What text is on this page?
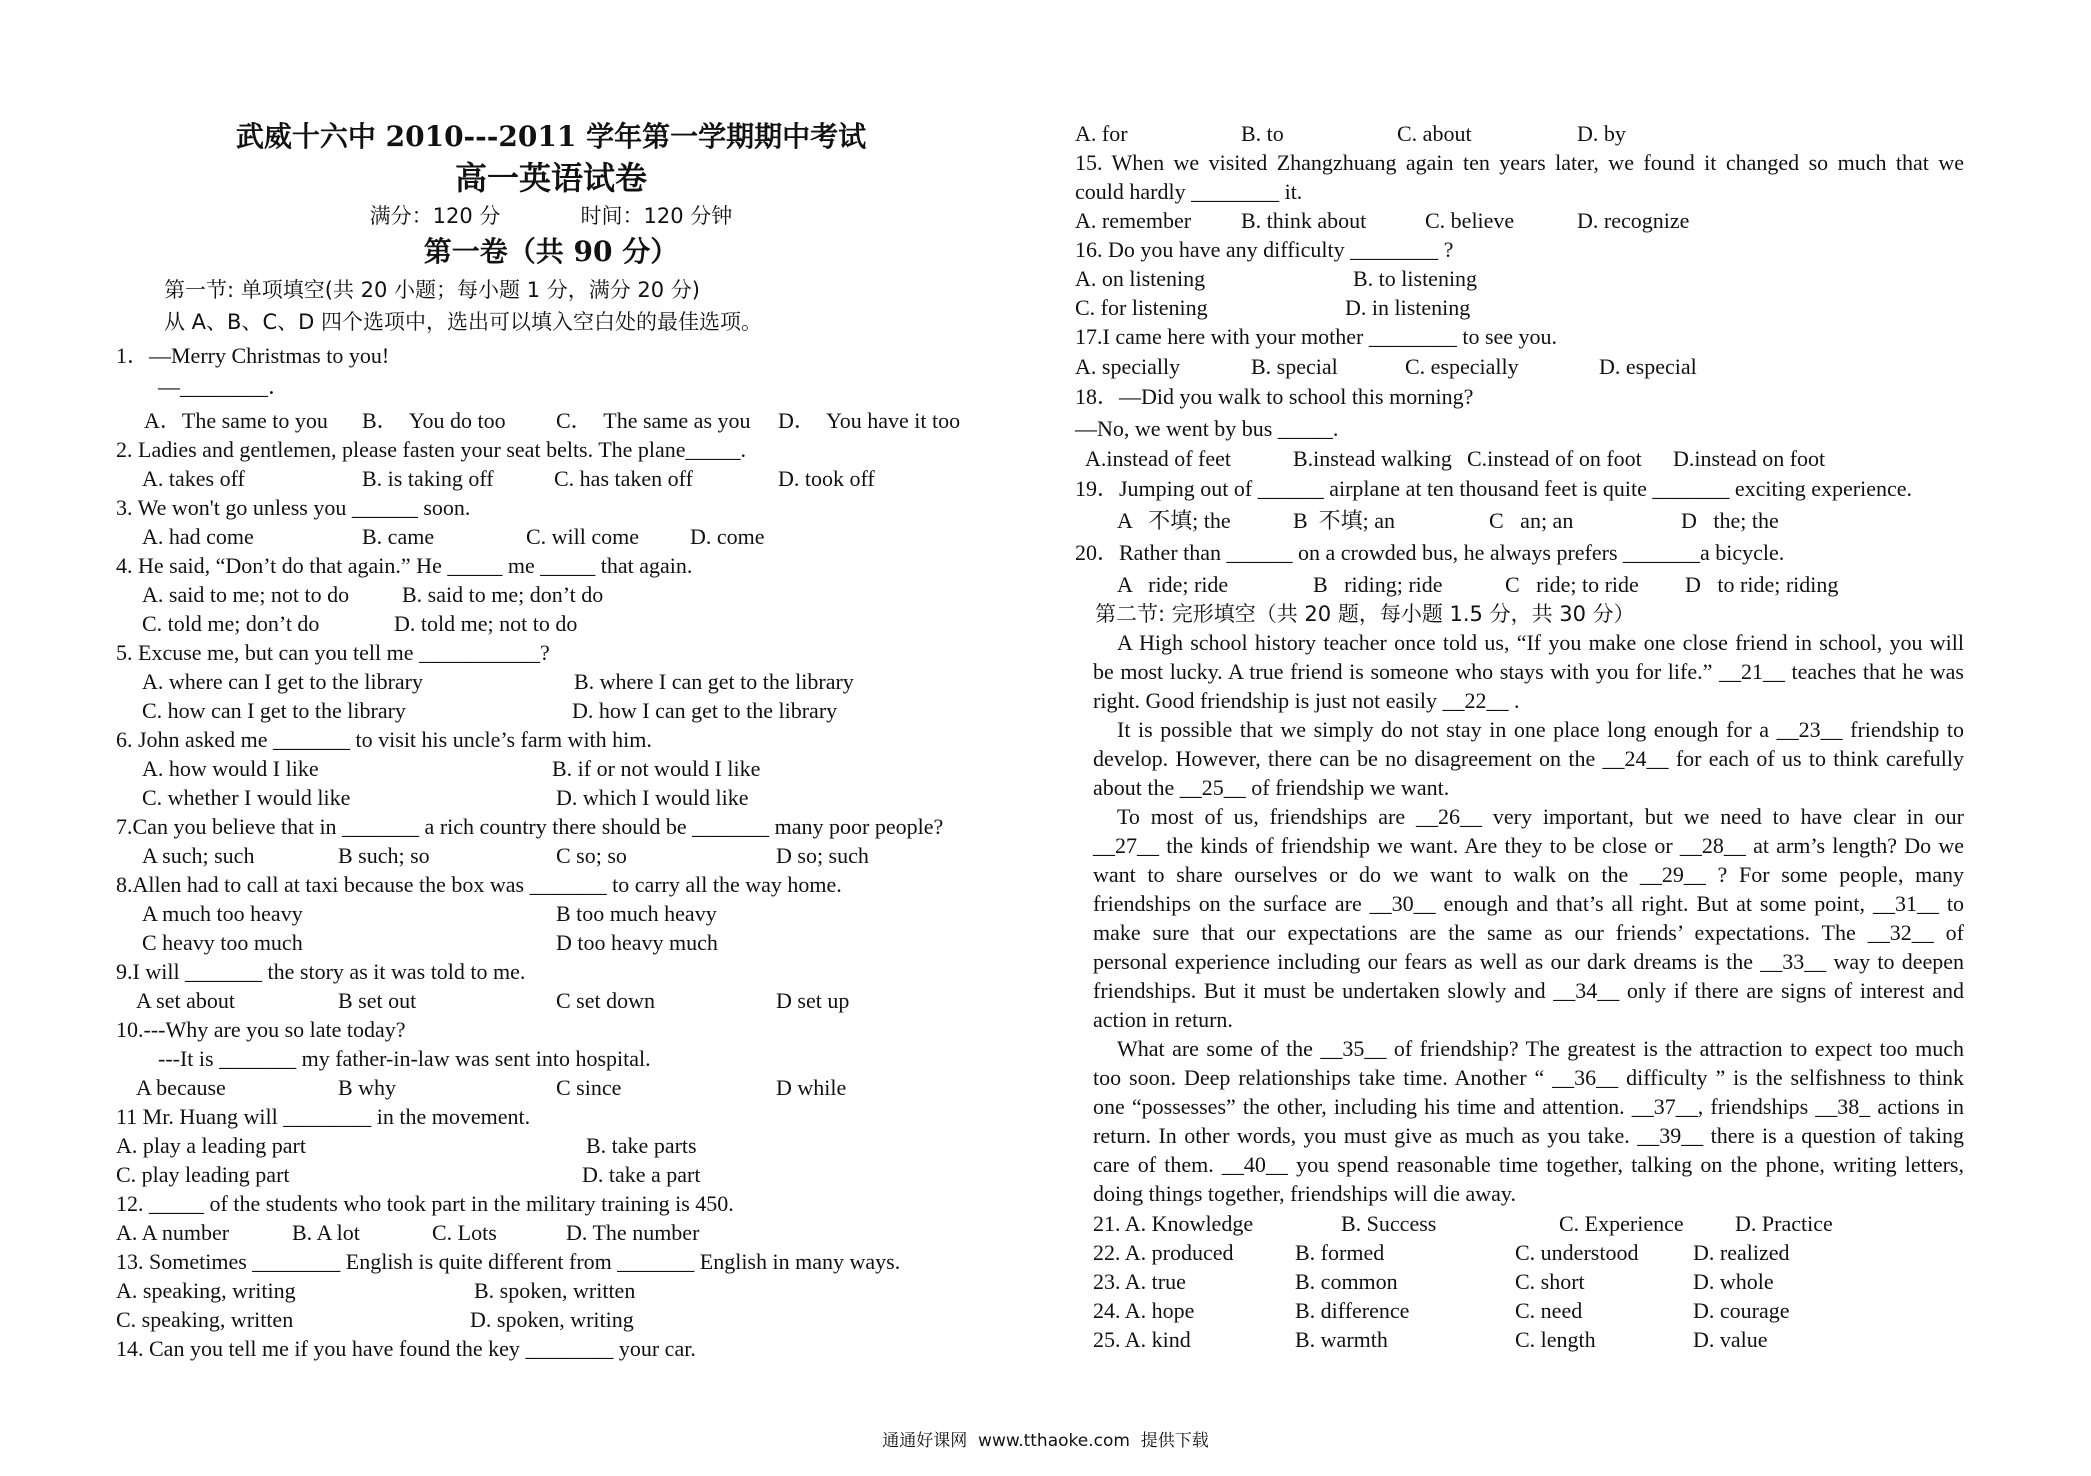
武威十六中 2010---2011 学年第一学期期中考试
高一英语试卷
满分：120 分	时间：120 分钟
第一卷（共 90 分）
第一节: 单项填空(共 20 小题；每小题 1 分，满分 20 分)
从 A、B、C、D 四个选项中，选出可以填入空白处的最佳选项。
1．—Merry Christmas to you!
—________．
A．The same to you B．  You do too C．  The same as you D．  You have it too
2. Ladies and gentlemen, please fasten your seat belts. The plane_____.
A. takes off	B. is taking off	C. has taken off	D. took off
3. We won't go unless you ______ soon.
A. had come	B. came	C. will come D. come
4. He said, “Don’t do that again.” He _____ me _____ that again.
A. said to me; not to do B. said to me; don’t do
C. told me; don’t do	D. told me; not to do
5. Excuse me, but can you tell me ___________?
A. where can I get to the library	B. where I can get to the library
C. how can I get to the library	D. how I can get to the library
6. John asked me _______ to visit his uncle’s farm with him.
A. how would I like	B. if or not would I like
C. whether I would like	D. which I would like
7.Can you believe that in _______ a rich country there should be _______ many poor people?
A such; such	B such; so	C so; so	D so; such
8.Allen had to call at taxi because the box was _______ to carry all the way home.
A much too heavy	B too much heavy
C heavy too much	D too heavy much
9.I will _______ the story as it was told to me.
A set about	B set out	C set down	D set up
10.---Why are you so late today?
---It is _______ my father-in-law was sent into hospital.
A because	B why	C since	D while
11 Mr. Huang will ________ in the movement.
A. play a leading part	B. take parts
C. play leading part	D. take a part
12. _____ of the students who took part in the military training is 450.
A. A number	B. A lot	C. Lots	D. The number
13. Sometimes ________ English is quite different from _______ English in many ways.
A. speaking, writing	B. spoken, written
C. speaking, written	D. spoken, writing
14. Can you tell me if you have found the key ________ your car.
A. for	B. to	C. about	D. by
15. When we visited Zhangzhuang again ten years later, we found it changed so much that we
could hardly ________ it.
A. remember B. think about	C. believe	D. recognize
16. Do you have any difficulty ________ ?
A. on listening	B. to listening
C. for listening	D. in listening
17.I came here with your mother ________ to see you.
A. specially	B. special	C. especially	D. especial
18．—Did you walk to school this morning?
—No, we went by bus _____.
A.instead of feet	B.instead walking C.instead of on foot D.instead on foot
19．Jumping out of ______ airplane at ten thousand feet is quite _______ exciting experience.
A   不填; the	B  不填; an	C   an; an	D   the; the
20．Rather than ______ on a crowded bus, he always prefers _______a bicycle.
A   ride; ride	B   riding; ride	C   ride; to ride D   to ride; riding
第二节: 完形填空（共 20 题，每小题 1.5 分，共 30 分）
A High school history teacher once told us, “If you make one close friend in school, you will
be most lucky. A true friend is someone who stays with you for life.” __21__ teaches that he was
right. Good friendship is just not easily __22__ .
It is possible that we simply do not stay in one place long enough for a __23__ friendship to
develop. However, there can be no disagreement on the __24__ for each of us to think carefully
about the __25__ of friendship we want.
To most of us, friendships are __26__ very important, but we need to have clear in our
__27__ the kinds of friendship we want. Are they to be close or __28__ at arm’s length? Do we
want to share ourselves or do we want to walk on the __29__ ? For some people, many
friendships on the surface are __30__ enough and that’s all right. But at some point, __31__ to
make sure that our expectations are the same as our friends’ expectations. The __32__ of
personal experience including our fears as well as our dark dreams is the __33__ way to deepen
friendships. But it must be undertaken slowly and __34__ only if there are signs of interest and
action in return.
What are some of the __35__ of friendship? The greatest is the attraction to expect too much
too soon. Deep relationships take time. Another “ __36__ difficulty ” is the selfishness to think
one “possesses” the other, including his time and attention. __37__, friendships __38_ actions in
return. In other words, you must give as much as you take. __39__ there is a question of taking
care of them. __40__ you spend reasonable time together, talking on the phone, writing letters,
doing things together, friendships will die away.
21. A. Knowledge	B. Success	C. Experience D. Practice
22. A. produced	B. formed	C. understood D. realized
23. A. true	B. common	C. short	D. whole
24. A. hope	B. difference	C. need	D. courage
25. A. kind	B. warmth	C. length	D. value
通通好课网  www.tthaoke.com  提供下载
